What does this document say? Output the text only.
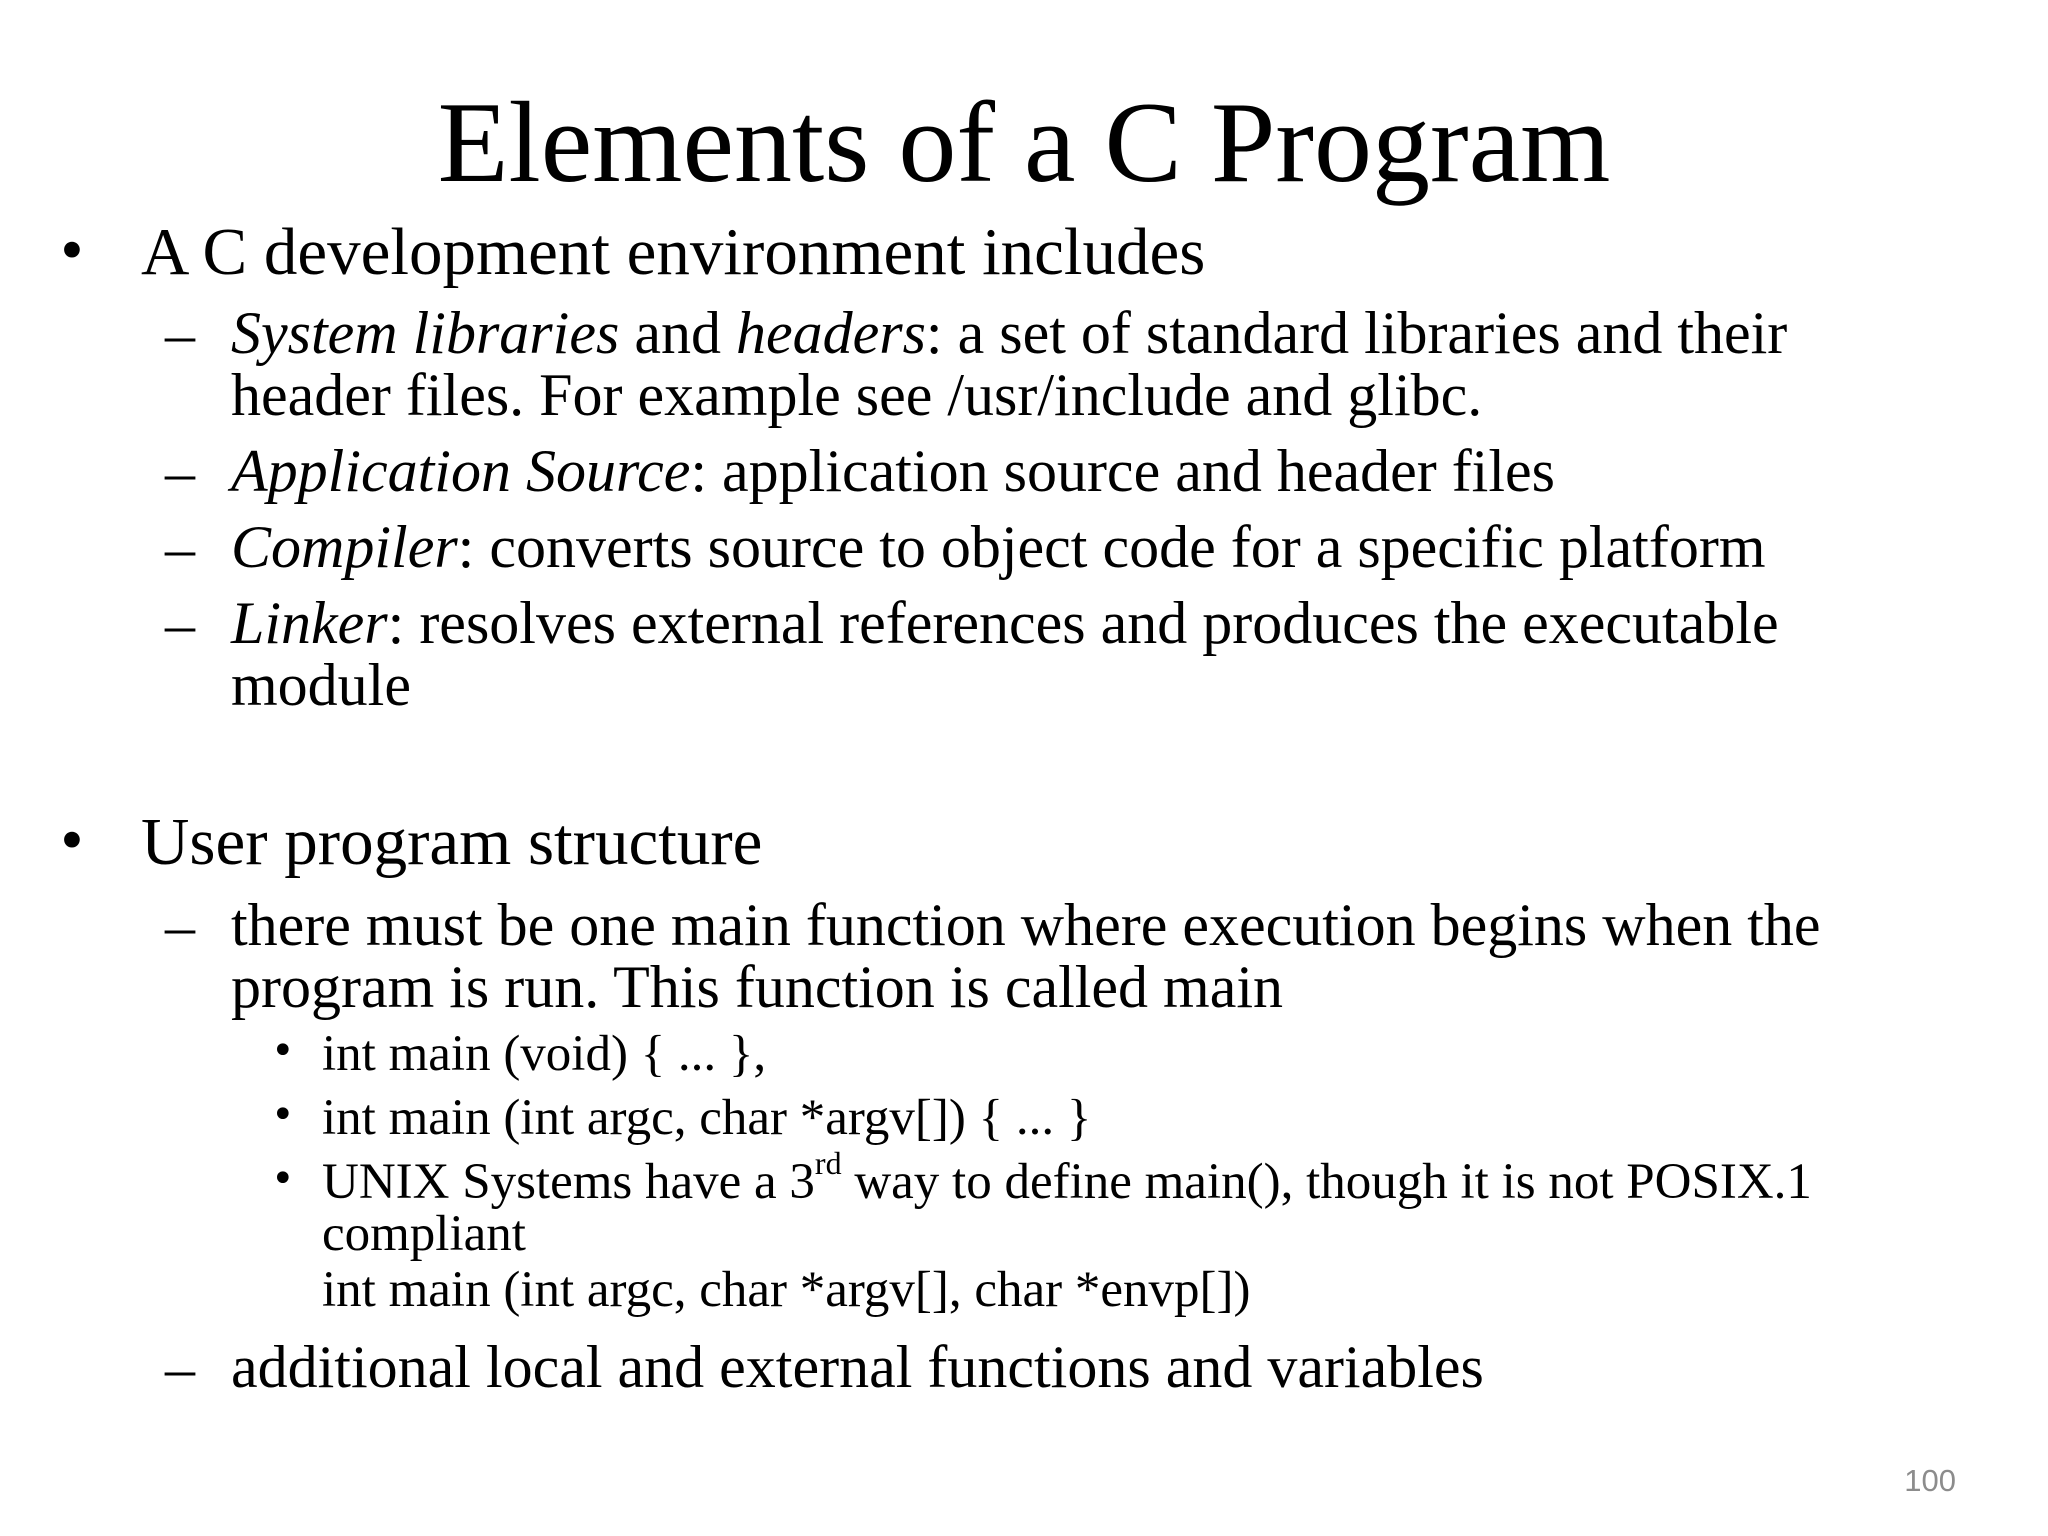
Elements of a C Program
• A C development environment includes
– System libraries and headers: a set of standard libraries and their
header files. For example see /usr/include and glibc.
– Application Source: application source and header files
– Compiler: converts source to object code for a specific platform
– Linker: resolves external references and produces the executable
module
• User program structure
– there must be one main function where execution begins when the
program is run. This function is called main
• int main (void) { ... },
• int main (int argc, char *argv[]) { ... }
• UNIX Systems have a 3rd way to define main(), though it is not POSIX.1
compliant
int main (int argc, char *argv[], char *envp[])
– additional local and external functions and variables
100
